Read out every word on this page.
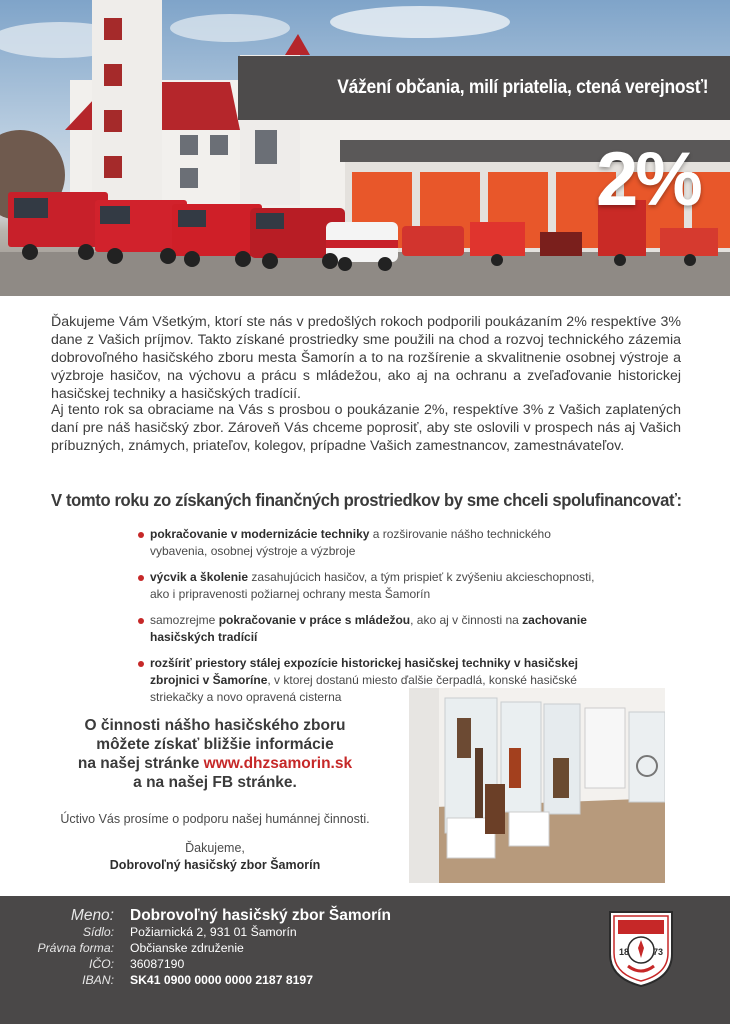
Vážení občania, milí priatelia, ctená verejnosť!
2%

Ďakujeme Vám Všetkým, ktorí ste nás v predošlých rokoch podporili poukázaním 2% respektíve 3% dane z Vašich príjmov. Takto získané prostriedky sme použili na chod a rozvoj technického zázemia dobrovoľného hasičského zboru mesta Šamorín a to na rozšírenie a skvalitnenie osobnej výstroje a výzbroje hasičov, na výchovu a prácu s mládežou, ako aj na ochranu a zveľaďovanie historickej hasičskej techniky a hasičských tradícií.

Aj tento rok sa obraciame na Vás s prosbou o poukázanie 2%, respektíve 3% z Vašich zaplatených daní pre náš hasičský zbor. Zároveň Vás chceme poprosiť, aby ste oslovili v prospech nás aj Vašich príbuzných, známych, priateľov, kolegov, prípadne Vašich zamestnancov, zamestnávateľov.

V tomto roku zo získaných finančných prostriedkov by sme chceli spolufinancovať:
pokračovanie v modernizácie techniky a rozširovanie nášho technického vybavenia, osobnej výstroje a výzbroje
výcvik a školenie zasahujúcich hasičov, a tým prispieť k zvýšeniu akcieschopnosti, ako i pripravenosti požiarnej ochrany mesta Šamorín
samozrejme pokračovanie v práce s mládežou, ako aj v činnosti na zachovanie hasičských tradícií
rozšíriť priestory stálej expozície historickej hasičskej techniky v hasičskej zbrojnici v Šamoríne, v ktorej dostanú miesto ďalšie čerpadlá, konské hasičské striekačky a novo opravená cisterna
O činnosti nášho hasičského zboru
môžete získať bližšie informácie
na našej stránke www.dhzsamorin.sk
a na našej FB stránke.

Úctivo Vás prosíme o podporu našej humánnej činnosti.

Ďakujeme,
Dobrovoľný hasičský zbor Šamorín
Meno: Dobrovoľný hasičský zbor Šamorín
Sídlo: Požiarnická 2, 931 01 Šamorín
Právna forma: Občianske združenie
IČO: 36087190
IBAN: SK41 0900 0000 0000 2187 8197
18	73
